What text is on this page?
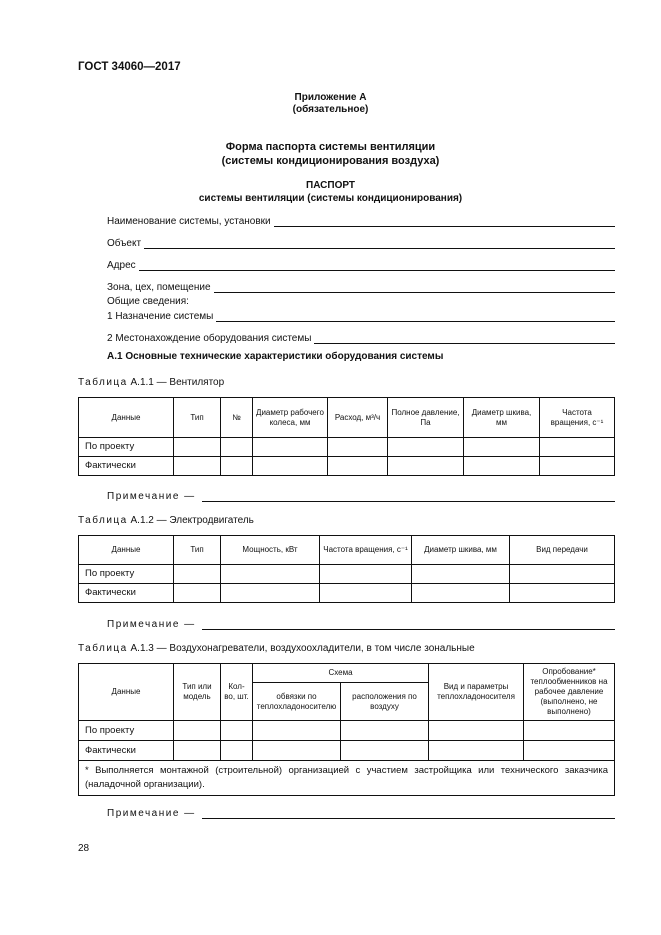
ГОСТ 34060—2017
Приложение А
(обязательное)
Форма паспорта системы вентиляции
(системы кондиционирования воздуха)
ПАСПОРТ
системы вентиляции (системы кондиционирования)
Наименование системы, установки
Объект
Адрес
Зона, цех, помещение
Общие сведения:
1 Назначение системы
2 Местонахождение оборудования системы
А.1 Основные технические характеристики оборудования системы
Таблица А.1.1 — Вентилятор
Данные	Тип	№	Диаметр рабочего колеса, мм	Расход, м³/ч	Полное давление, Па	Диаметр шкива, мм	Частота вращения, с⁻¹
По проекту							
Фактически							
Примечание —
Таблица А.1.2 — Электродвигатель
Данные	Тип	Мощность, кВт	Частота вращения, с⁻¹	Диаметр шкива, мм	Вид передачи
По проекту					
Фактически					
Примечание —
Таблица А.1.3 — Воздухонагреватели, воздухоохладители, в том числе зональные
Данные	Тип или модель	Кол-во, шт.	Схема		Вид и параметры теплохладоносителя	Опробование* теплообменников на рабочее давление (выполнено, не выполнено)
			обвязки по теплохладоносителю	расположения по воздуху		
По проекту						
Фактически						
* Выполняется монтажной (строительной) организацией с участием застройщика или технического заказчика (наладочной организации).						
Примечание —
28
